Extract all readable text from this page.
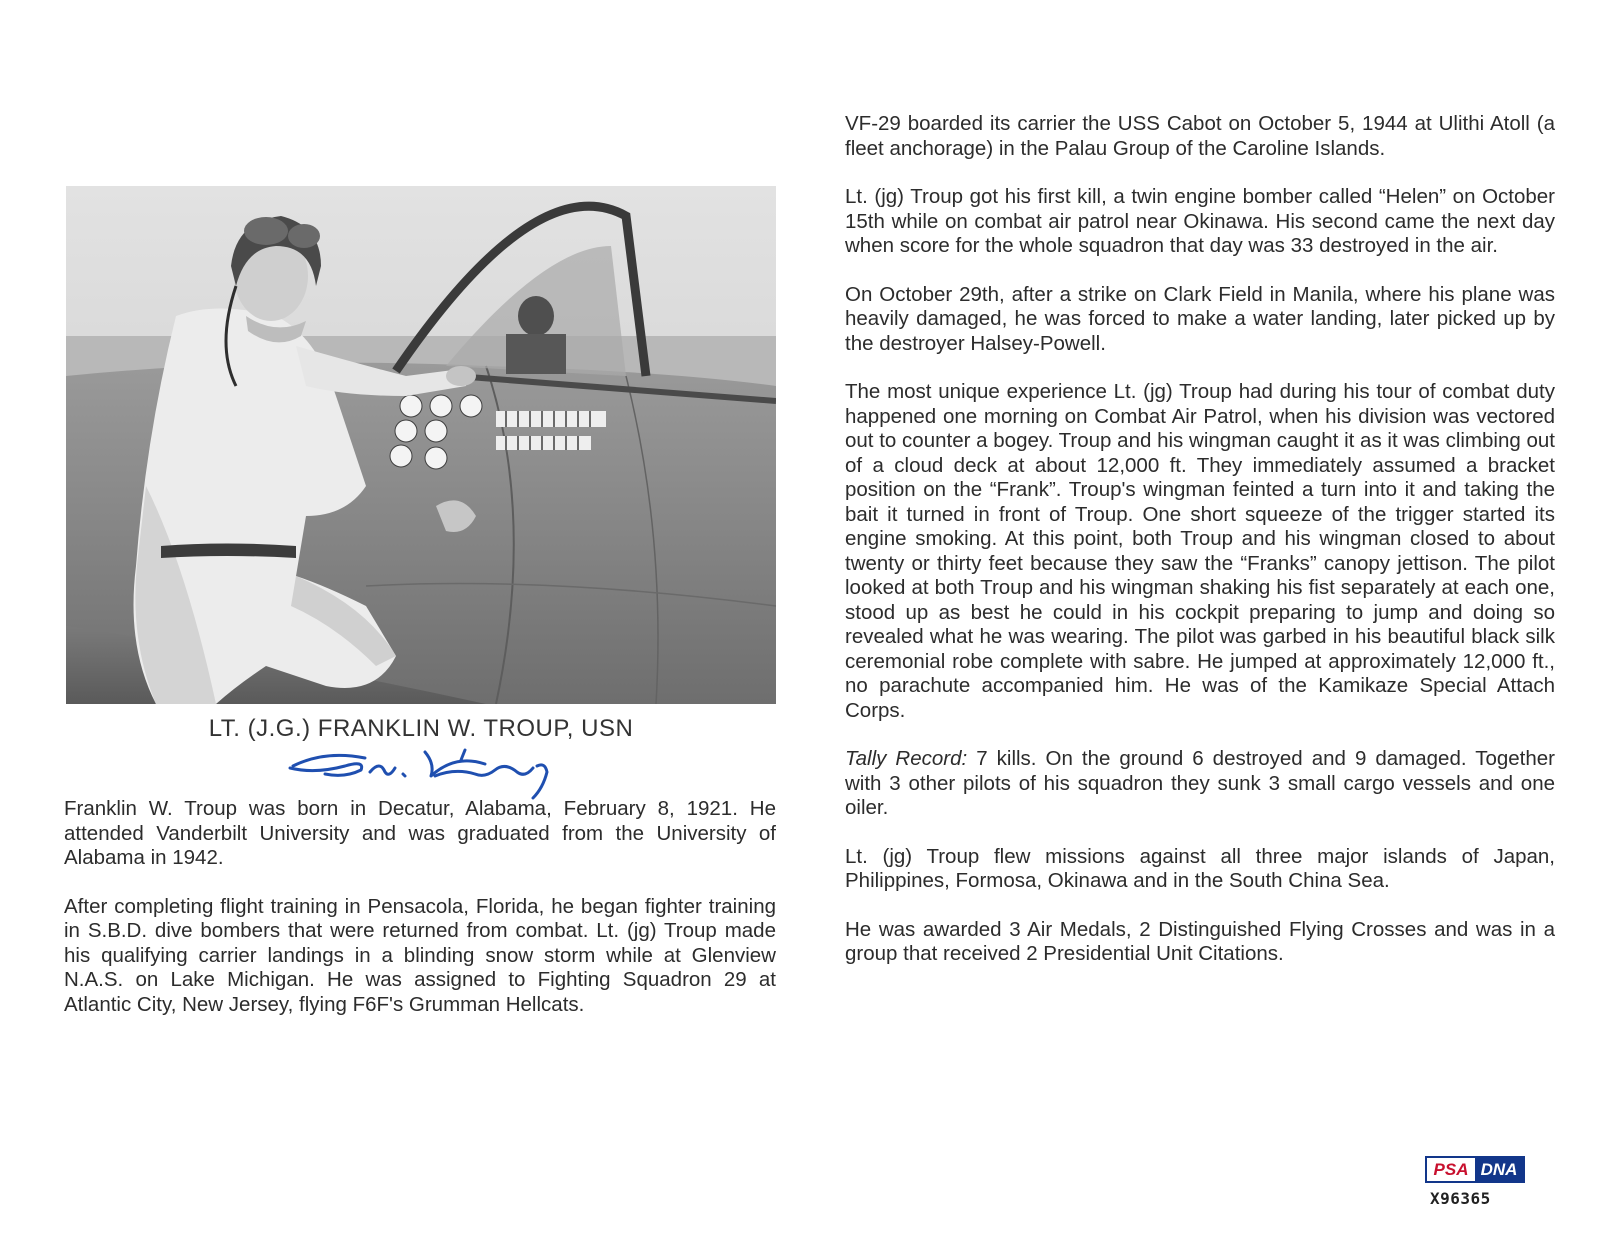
LT. (J.G.) FRANKLIN W. TROUP, USN

Franklin W. Troup was born in Decatur, Alabama, February 8, 1921. He attended Vanderbilt University and was graduated from the University of Alabama in 1942.

After completing flight training in Pensacola, Florida, he began fighter training in S.B.D. dive bombers that were returned from combat. Lt. (jg) Troup made his qualifying carrier landings in a blinding snow storm while at Glenview N.A.S. on Lake Michigan. He was assigned to Fighting Squadron 29 at Atlantic City, New Jersey, flying F6F's Grumman Hellcats.

VF-29 boarded its carrier the USS Cabot on October 5, 1944 at Ulithi Atoll (a fleet anchorage) in the Palau Group of the Caroline Islands.

Lt. (jg) Troup got his first kill, a twin engine bomber called “Helen” on October 15th while on combat air patrol near Okinawa. His second came the next day when score for the whole squadron that day was 33 destroyed in the air.

On October 29th, after a strike on Clark Field in Manila, where his plane was heavily damaged, he was forced to make a water landing, later picked up by the destroyer Halsey-Powell.

The most unique experience Lt. (jg) Troup had during his tour of combat duty happened one morning on Combat Air Patrol, when his division was vectored out to counter a bogey. Troup and his wingman caught it as it was climbing out of a cloud deck at about 12,000 ft. They immediately assumed a bracket position on the “Frank”. Troup's wingman feinted a turn into it and taking the bait it turned in front of Troup. One short squeeze of the trigger started its engine smoking. At this point, both Troup and his wingman closed to about twenty or thirty feet because they saw the “Franks” canopy jettison. The pilot looked at both Troup and his wingman shaking his fist separately at each one, stood up as best he could in his cockpit preparing to jump and doing so revealed what he was wearing. The pilot was garbed in his beautiful black silk ceremonial robe complete with sabre. He jumped at approximately 12,000 ft., no parachute accompanied him. He was of the Kamikaze Special Attach Corps.

Tally Record: 7 kills. On the ground 6 destroyed and 9 damaged. Together with 3 other pilots of his squadron they sunk 3 small cargo vessels and one oiler.

Lt. (jg) Troup flew missions against all three major islands of Japan, Philippines, Formosa, Okinawa and in the South China Sea.

He was awarded 3 Air Medals, 2 Distinguished Flying Crosses and was in a group that received 2 Presidential Unit Citations.

PSA DNA
X96365
